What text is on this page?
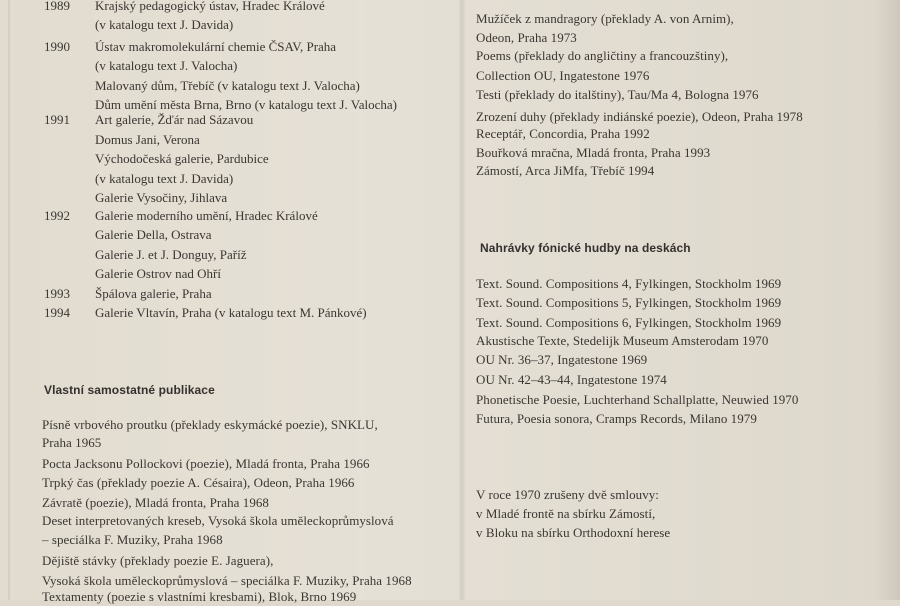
1989	Krajský pedagogický ústav, Hradec Králové
(v katalogu text J. Davida)
1990	Ústav makromolekulární chemie ČSAV, Praha
(v katalogu text J. Valocha)
Malovaný dům, Třebíč (v katalogu text J. Valocha)
Dům umění města Brna, Brno (v katalogu text J. Valocha)
1991	Art galerie, Žďár nad Sázavou
Domus Jani, Verona
Východočeská galerie, Pardubice
(v katalogu text J. Davida)
Galerie Vysočiny, Jihlava
1992	Galerie moderního umění, Hradec Králové
Galerie Della, Ostrava
Galerie J. et J. Donguy, Paříž
Galerie Ostrov nad Ohří
1993	Špálova galerie, Praha
1994	Galerie Vltavín, Praha (v katalogu text M. Pánkové)
Vlastní samostatné publikace
Písně vrbového proutku (překlady eskymácké poezie), SNKLU,
Praha 1965
Pocta Jacksonu Pollockovi (poezie), Mladá fronta, Praha 1966
Trpký čas (překlady poezie A. Césaira), Odeon, Praha 1966
Závratě (poezie), Mladá fronta, Praha 1968
Deset interpretovaných kreseb, Vysoká škola uměleckoprůmyslová
– speciálka F. Muziky, Praha 1968
Dějiště stávky (překlady poezie E. Jaguera),
Vysoká škola uměleckoprůmyslová – speciálka F. Muziky, Praha 1968
Textamenty (poezie s vlastními kresbami), Blok, Brno 1969
Mužíček z mandragory (překlady A. von Arnim),
Odeon, Praha 1973
Poems (překlady do angličtiny a francouzštiny),
Collection OU, Ingatestone 1976
Testi (překlady do italštiny), Tau/Ma 4, Bologna 1976
Zrození duhy (překlady indiánské poezie), Odeon, Praha 1978
Receptář, Concordia, Praha 1992
Bouřková mračna, Mladá fronta, Praha 1993
Zámostí, Arca JiMfa, Třebíč 1994
Nahrávky fónické hudby na deskách
Text. Sound. Compositions 4, Fylkingen, Stockholm 1969
Text. Sound. Compositions 5, Fylkingen, Stockholm 1969
Text. Sound. Compositions 6, Fylkingen, Stockholm 1969
Akustische Texte, Stedelijk Museum Amsterodam 1970
OU Nr. 36–37, Ingatestone 1969
OU Nr. 42–43–44, Ingatestone 1974
Phonetische Poesie, Luchterhand Schallplatte, Neuwied 1970
Futura, Poesia sonora, Cramps Records, Milano 1979
V roce 1970 zrušeny dvě smlouvy:
v Mladé frontě na sbírku Zámostí,
v Bloku na sbírku Orthodoxní herese
